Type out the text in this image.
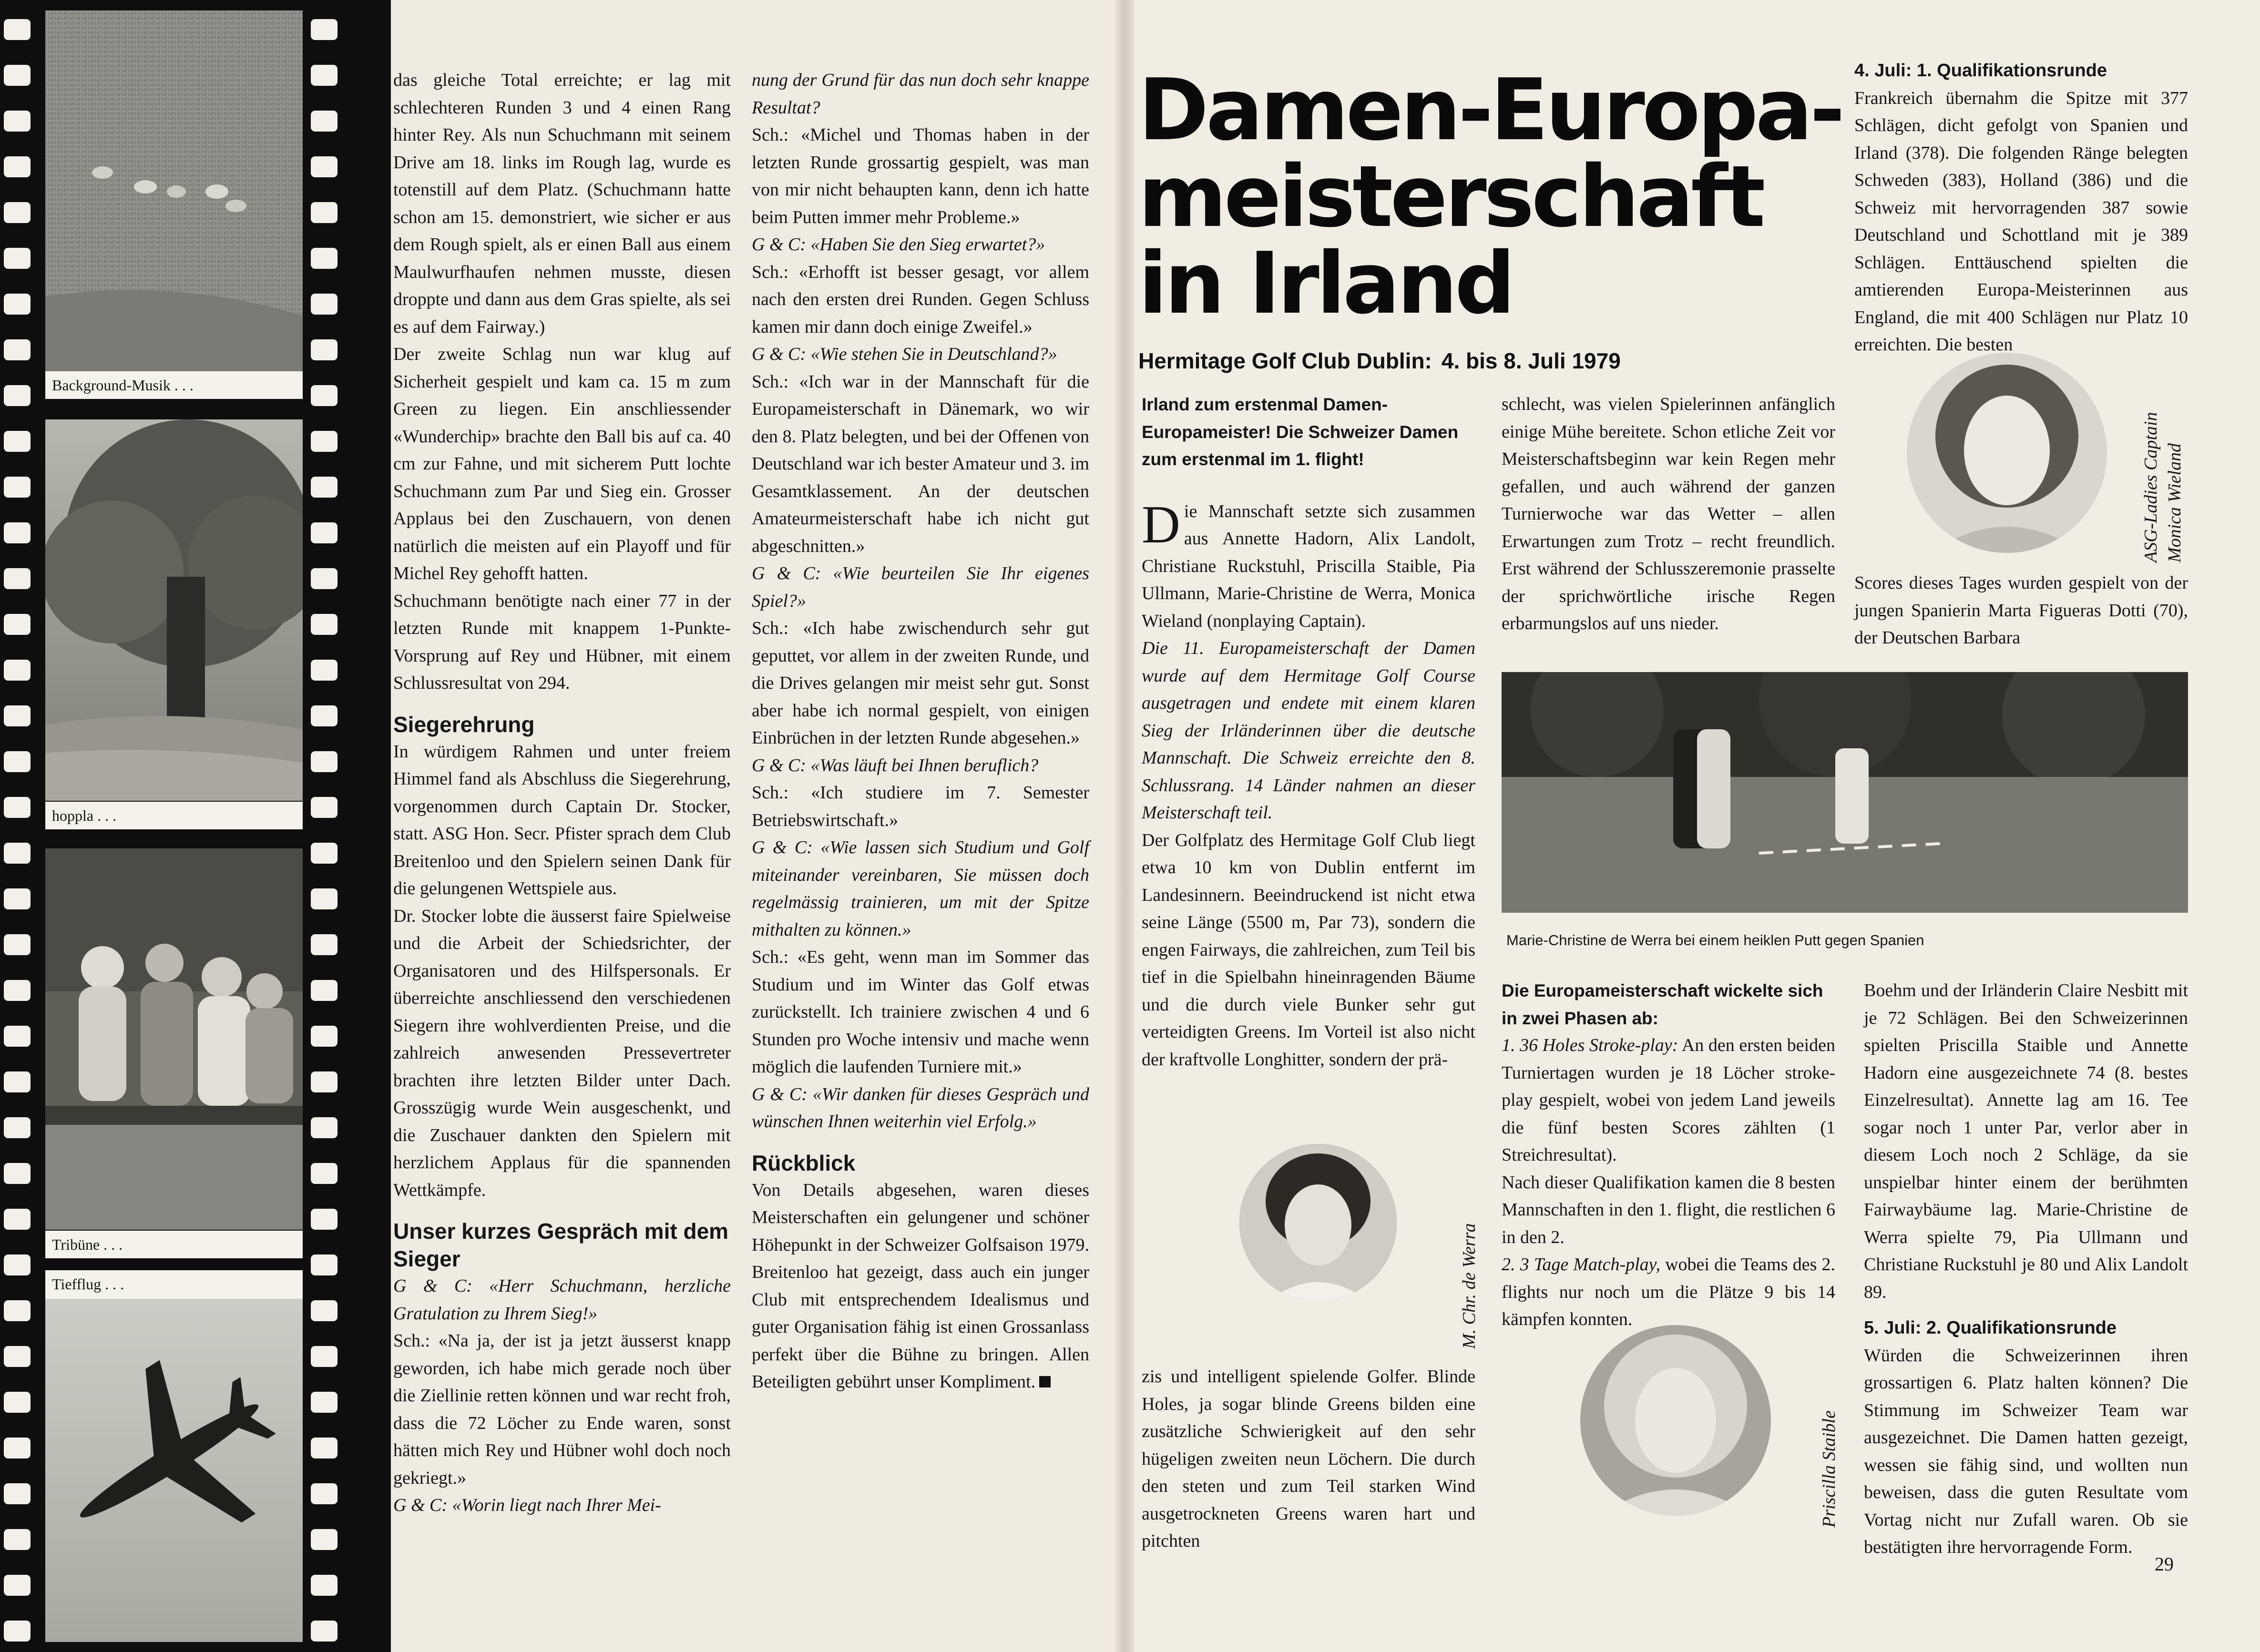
Background-Musik . . .
hoppla . . .
Tribüne . . .
Tiefflug . . .

das gleiche Total erreichte; er lag mit schlechteren Runden 3 und 4 einen Rang hinter Rey. Als nun Schuchmann mit seinem Drive am 18. links im Rough lag, wurde es totenstill auf dem Platz. (Schuchmann hatte schon am 15. demonstriert, wie sicher er aus dem Rough spielt, als er einen Ball aus einem Maulwurfhaufen nehmen musste, diesen droppte und dann aus dem Gras spielte, als sei es auf dem Fairway.)

Der zweite Schlag nun war klug auf Sicherheit gespielt und kam ca. 15 m zum Green zu liegen. Ein anschliessender «Wunderchip» brachte den Ball bis auf ca. 40 cm zur Fahne, und mit sicherem Putt lochte Schuchmann zum Par und Sieg ein. Grosser Applaus bei den Zuschauern, von denen natürlich die meisten auf ein Playoff und für Michel Rey gehofft hatten.

Schuchmann benötigte nach einer 77 in der letzten Runde mit knappem 1-Punkte-Vorsprung auf Rey und Hübner, mit einem Schlussresultat von 294.

Siegerehrung

In würdigem Rahmen und unter freiem Himmel fand als Abschluss die Siegerehrung, vorgenommen durch Captain Dr. Stocker, statt. ASG Hon. Secr. Pfister sprach dem Club Breitenloo und den Spielern seinen Dank für die gelungenen Wettspiele aus.

Dr. Stocker lobte die äusserst faire Spielweise und die Arbeit der Schiedsrichter, der Organisatoren und des Hilfspersonals. Er überreichte anschliessend den verschiedenen Siegern ihre wohlverdienten Preise, und die zahlreich anwesenden Pressevertreter brachten ihre letzten Bilder unter Dach. Grosszügig wurde Wein ausgeschenkt, und die Zuschauer dankten den Spielern mit herzlichem Applaus für die spannenden Wettkämpfe.

Unser kurzes Gespräch mit dem Sieger

G & C: «Herr Schuchmann, herzliche Gratulation zu Ihrem Sieg!»

Sch.: «Na ja, der ist ja jetzt äusserst knapp geworden, ich habe mich gerade noch über die Ziellinie retten können und war recht froh, dass die 72 Löcher zu Ende waren, sonst hätten mich Rey und Hübner wohl doch noch gekriegt.»

G & C: «Worin liegt nach Ihrer Mei-

nung der Grund für das nun doch sehr knappe Resultat?

Sch.: «Michel und Thomas haben in der letzten Runde grossartig gespielt, was man von mir nicht behaupten kann, denn ich hatte beim Putten immer mehr Probleme.»

G & C: «Haben Sie den Sieg erwartet?»

Sch.: «Erhofft ist besser gesagt, vor allem nach den ersten drei Runden. Gegen Schluss kamen mir dann doch einige Zweifel.»

G & C: «Wie stehen Sie in Deutschland?»

Sch.: «Ich war in der Mannschaft für die Europameisterschaft in Dänemark, wo wir den 8. Platz belegten, und bei der Offenen von Deutschland war ich bester Amateur und 3. im Gesamtklassement. An der deutschen Amateurmeisterschaft habe ich nicht gut abgeschnitten.»

G & C: «Wie beurteilen Sie Ihr eigenes Spiel?»

Sch.: «Ich habe zwischendurch sehr gut geputtet, vor allem in der zweiten Runde, und die Drives gelangen mir meist sehr gut. Sonst aber habe ich normal gespielt, von einigen Einbrüchen in der letzten Runde abgesehen.»

G & C: «Was läuft bei Ihnen beruflich?

Sch.: «Ich studiere im 7. Semester Betriebswirtschaft.»

G & C: «Wie lassen sich Studium und Golf miteinander vereinbaren, Sie müssen doch regelmässig trainieren, um mit der Spitze mithalten zu können.»

Sch.: «Es geht, wenn man im Sommer das Studium und im Winter das Golf etwas zurückstellt. Ich trainiere zwischen 4 und 6 Stunden pro Woche intensiv und mache wenn möglich die laufenden Turniere mit.»

G & C: «Wir danken für dieses Gespräch und wünschen Ihnen weiterhin viel Erfolg.»

Rückblick

Von Details abgesehen, waren dieses Meisterschaften ein gelungener und schöner Höhepunkt in der Schweizer Golfsaison 1979. Breitenloo hat gezeigt, dass auch ein junger Club mit entsprechendem Idealismus und guter Organisation fähig ist einen Grossanlass perfekt über die Bühne zu bringen. Allen Beteiligten gebührt unser Kompliment.

Damen-Europa-
meisterschaft
in Irland
Hermitage Golf Club Dublin: 4. bis 8. Juli 1979

Irland zum erstenmal Damen-Europameister! Die Schweizer Damen zum erstenmal im 1. flight!

Die Mannschaft setzte sich zusammen aus Annette Hadorn, Alix Landolt, Christiane Ruckstuhl, Priscilla Staible, Pia Ullmann, Marie-Christine de Werra, Monica Wieland (nonplaying Captain).

Die 11. Europameisterschaft der Damen wurde auf dem Hermitage Golf Course ausgetragen und endete mit einem klaren Sieg der Irländerinnen über die deutsche Mannschaft. Die Schweiz erreichte den 8. Schlussrang. 14 Länder nahmen an dieser Meisterschaft teil.

Der Golfplatz des Hermitage Golf Club liegt etwa 10 km von Dublin entfernt im Landesinnern. Beeindruckend ist nicht etwa seine Länge (5500 m, Par 73), sondern die engen Fairways, die zahlreichen, zum Teil bis tief in die Spielbahn hineinragenden Bäume und die durch viele Bunker sehr gut verteidigten Greens. Im Vorteil ist also nicht der kraftvolle Longhitter, sondern der prä-

M. Chr. de Werra

zis und intelligent spielende Golfer. Blinde Holes, ja sogar blinde Greens bilden eine zusätzliche Schwierigkeit auf den sehr hügeligen zweiten neun Löchern. Die durch den steten und zum Teil starken Wind ausgetrockneten Greens waren hart und pitchten

schlecht, was vielen Spielerinnen anfänglich einige Mühe bereitete. Schon etliche Zeit vor Meisterschaftsbeginn war kein Regen mehr gefallen, und auch während der ganzen Turnierwoche war das Wetter – allen Erwartungen zum Trotz – recht freundlich. Erst während der Schlusszeremonie prasselte der sprichwörtliche irische Regen erbarmungslos auf uns nieder.

Marie-Christine de Werra bei einem heiklen Putt gegen Spanien

Die Europameisterschaft wickelte sich in zwei Phasen ab:

1. 36 Holes Stroke-play: An den ersten beiden Turniertagen wurden je 18 Löcher stroke-play gespielt, wobei von jedem Land jeweils die fünf besten Scores zählten (1 Streichresultat).

Nach dieser Qualifikation kamen die 8 besten Mannschaften in den 1. flight, die restlichen 6 in den 2.

2. 3 Tage Match-play, wobei die Teams des 2. flights nur noch um die Plätze 9 bis 14 kämpfen konnten.

Priscilla Staible
ASG-Ladies Captain Monica Wieland
4. Juli: 1. Qualifikationsrunde

Frankreich übernahm die Spitze mit 377 Schlägen, dicht gefolgt von Spanien und Irland (378). Die folgenden Ränge belegten Schweden (383), Holland (386) und die Schweiz mit hervorragenden 387 sowie Deutschland und Schottland mit je 389 Schlägen. Enttäuschend spielten die amtierenden Europa-Meisterinnen aus England, die mit 400 Schlägen nur Platz 10 erreichten. Die besten

Scores dieses Tages wurden gespielt von der jungen Spanierin Marta Figueras Dotti (70), der Deutschen Barbara

Boehm und der Irländerin Claire Nesbitt mit je 72 Schlägen. Bei den Schweizerinnen spielten Priscilla Staible und Annette Hadorn eine ausgezeichnete 74 (8. bestes Einzelresultat). Annette lag am 16. Tee sogar noch 1 unter Par, verlor aber in diesem Loch noch 2 Schläge, da sie unspielbar hinter einem der berühmten Fairwaybäume lag. Marie-Christine de Werra spielte 79, Pia Ullmann und Christiane Ruckstuhl je 80 und Alix Landolt 89.

5. Juli: 2. Qualifikationsrunde

Würden die Schweizerinnen ihren grossartigen 6. Platz halten können? Die Stimmung im Schweizer Team war ausgezeichnet. Die Damen hatten gezeigt, wessen sie fähig sind, und wollten nun beweisen, dass die guten Resultate vom Vortag nicht nur Zufall waren. Ob sie bestätigten ihre hervorragende Form.

29
